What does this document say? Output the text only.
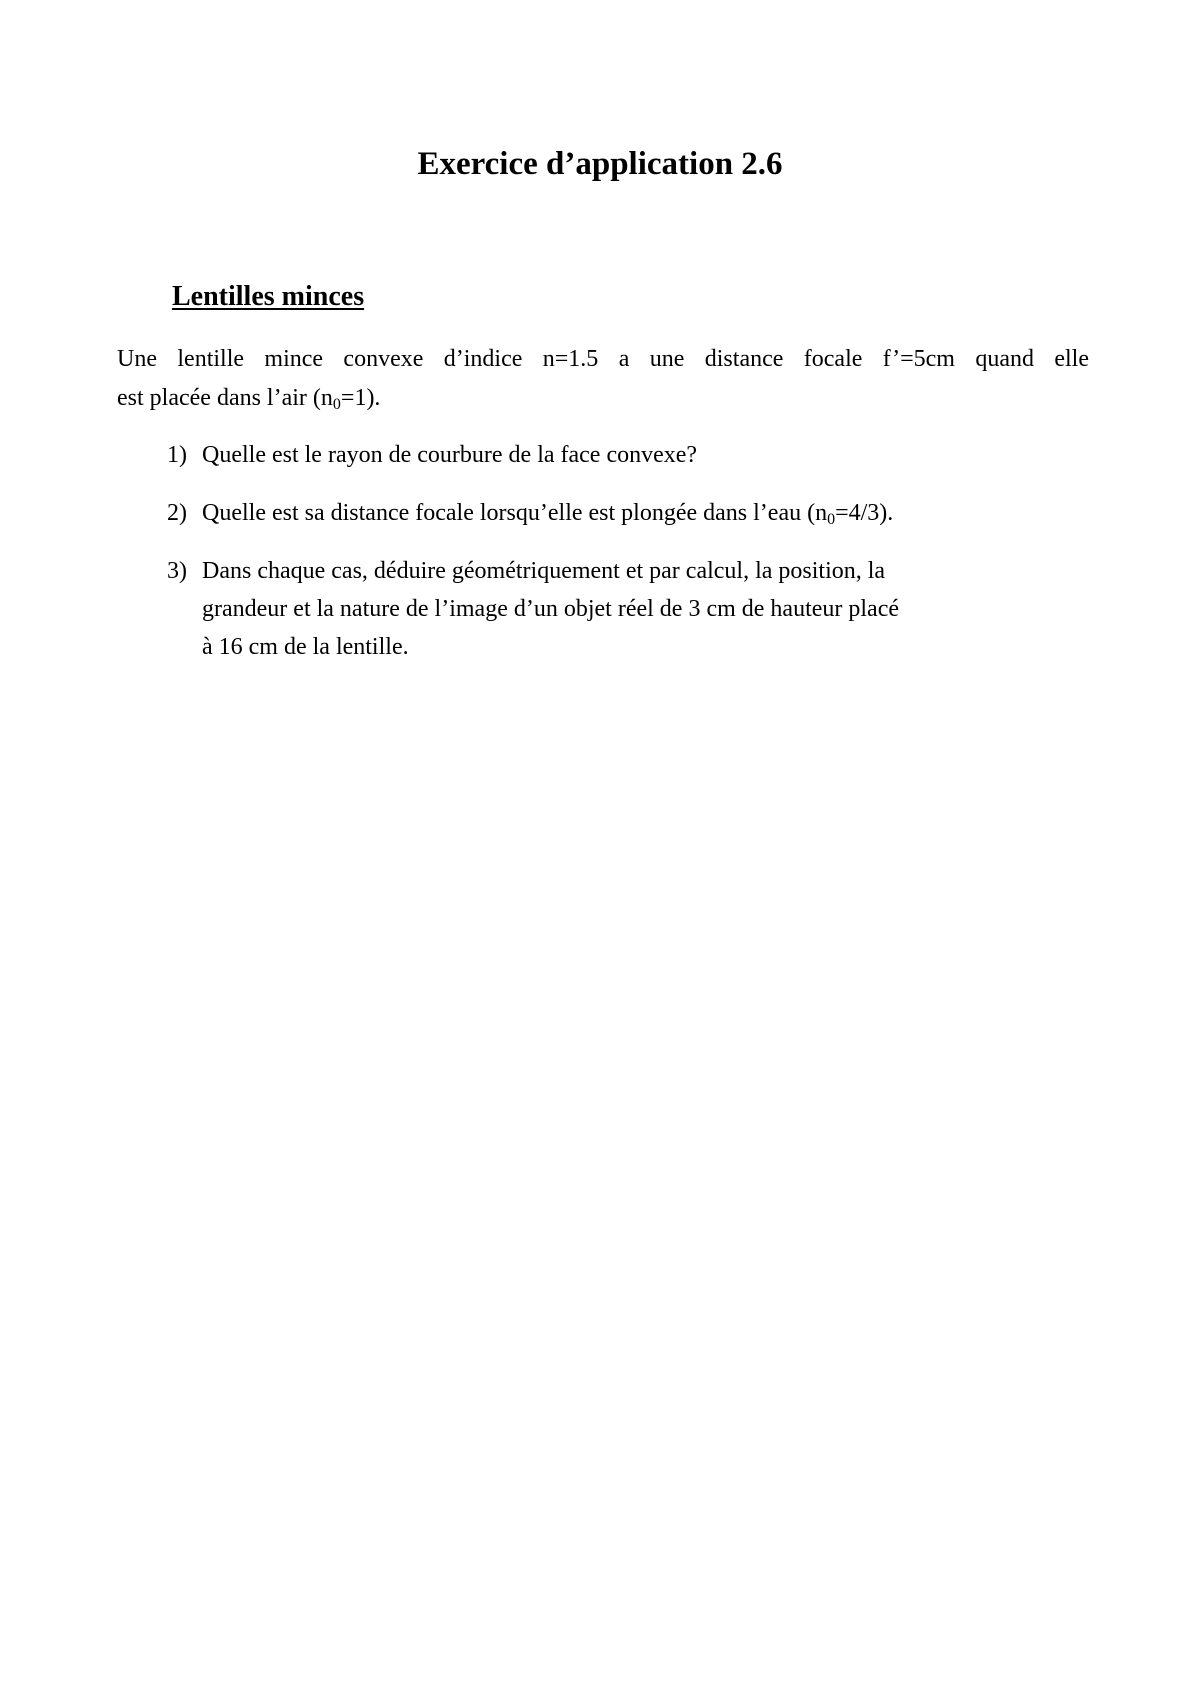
Exercice d’application 2.6
Lentilles minces

Une lentille mince convexe d’indice n=1.5 a une distance focale f’=5cm quand elle
est placée dans l’air $(n_0=1)$.

1) Quelle est le rayon de courbure de la face convexe?
2) Quelle est sa distance focale lorsqu’elle est plongée dans l’eau $(n_0=4/3)$.
3) Dans chaque cas, déduire géométriquement et par calcul, la position, la
grandeur et la nature de l’image d’un objet réel de 3 cm de hauteur placé
à 16 cm de la lentille.
